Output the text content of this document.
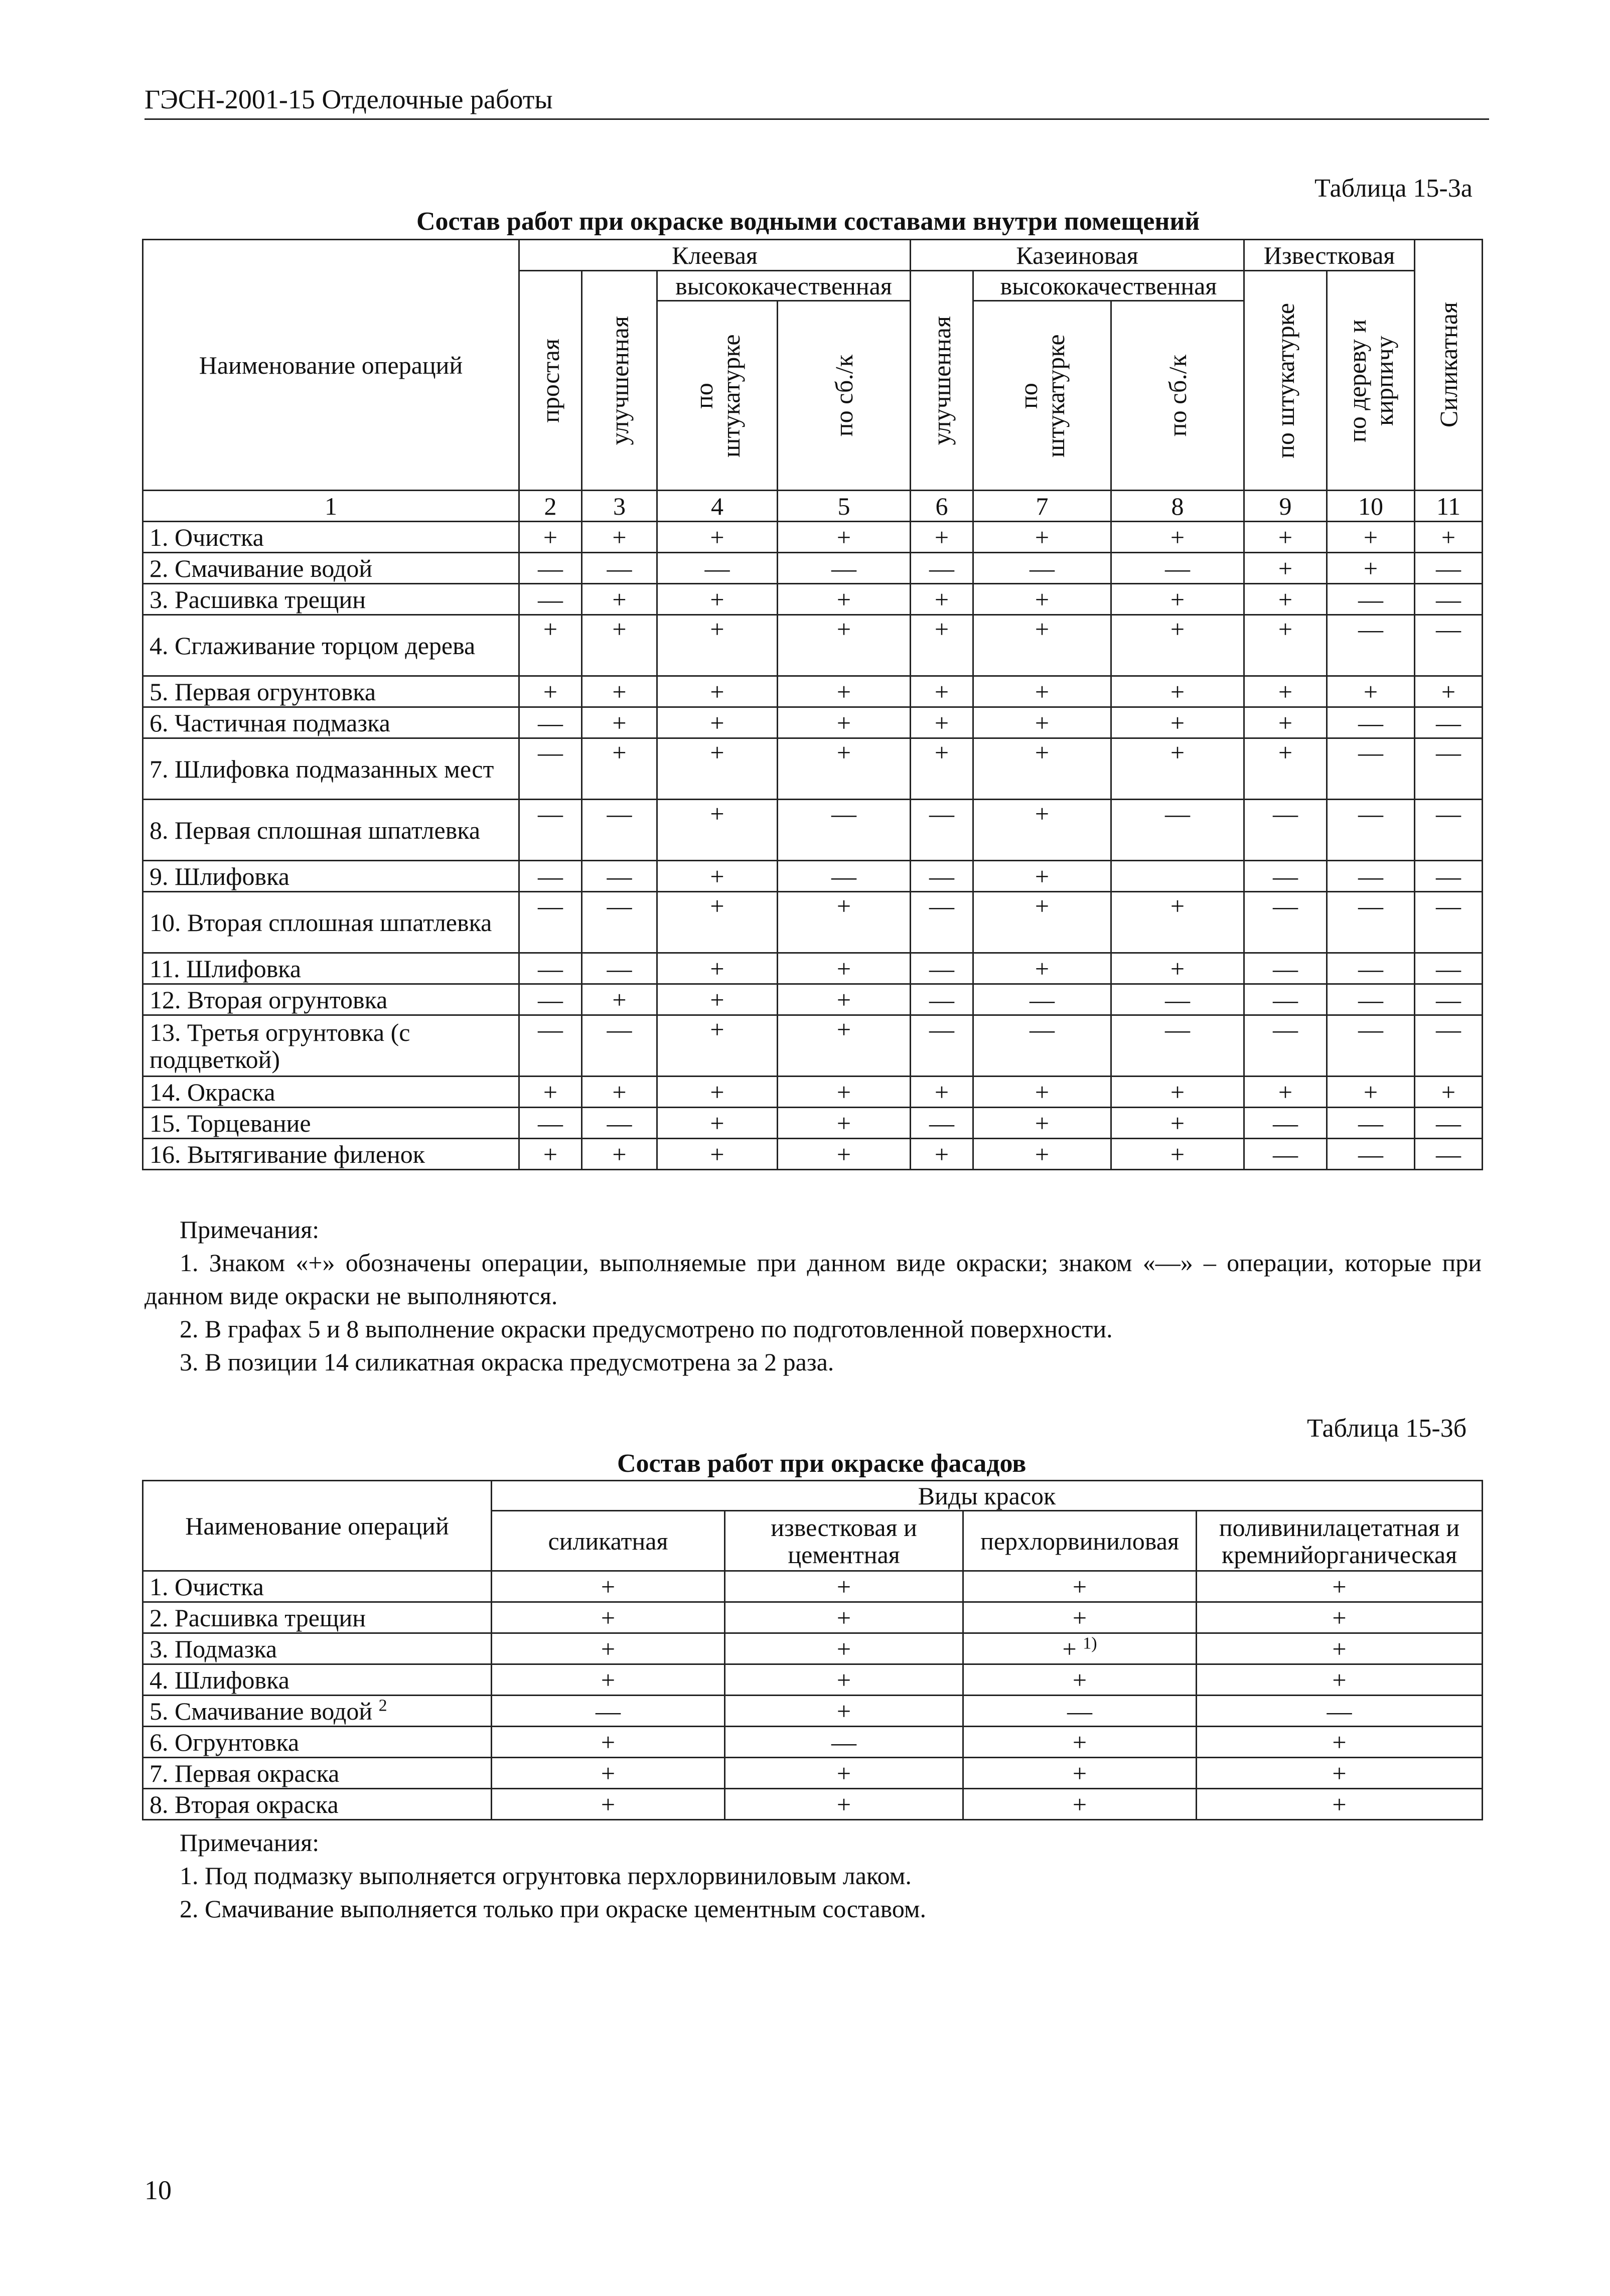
ГЭСН-2001-15 Отделочные работы
Таблица 15-3а
Состав работ при окраске водными составами внутри помещений
Наименование операций	Клеевая				Казеиновая			Известковая		Силикатная

	простая	улучшенная	высококачественная		улучшенная	высококачественная		по штукатурке	по дереву и кирпичу	

			по штукатурке	по сб./к		по штукатурке	по сб./к			

1	2	3	4	5	6	7	8	9	10	11
1. Очистка	+	+	+	+	+	+	+	+	+	+
2. Смачивание водой	—	—	—	—	—	—	—	+	+	—
3. Расшивка трещин	—	+	+	+	+	+	+	+	—	—
4. Сглаживание торцом дерева	+	+	+	+	+	+	+	+	—	—
5. Первая огрунтовка	+	+	+	+	+	+	+	+	+	+
6. Частичная подмазка	—	+	+	+	+	+	+	+	—	—
7. Шлифовка подмазанных мест	—	+	+	+	+	+	+	+	—	—
8. Первая сплошная шпатлевка	—	—	+	—	—	+	—	—	—	—
9. Шлифовка	—	—	+	—	—	+		—	—	—
10. Вторая сплошная шпатлевка	—	—	+	+	—	+	+	—	—	—
11. Шлифовка	—	—	+	+	—	+	+	—	—	—
12. Вторая огрунтовка	—	+	+	+	—	—	—	—	—	—
13. Третья огрунтовка (с подцветкой)	—	—	+	+	—	—	—	—	—	—
14. Окраска	+	+	+	+	+	+	+	+	+	+
15. Торцевание	—	—	+	+	—	+	+	—	—	—
16. Вытягивание филенок	+	+	+	+	+	+	+	—	—	—

Примечания:

1. Знаком «+» обозначены операции, выполняемые при данном виде окраски; знаком «—» – операции, которые при данном виде окраски не выполняются.

2. В графах 5 и 8 выполнение окраски предусмотрено по подготовленной поверхности.

3. В позиции 14 силикатная окраска предусмотрена за 2 раза.

Таблица 15-3б
Состав работ при окраске фасадов
Наименование операций	Виды красок			
	силикатная	известковая и цементная	перхлорвиниловая	поливинилацетатная и кремнийорганическая
1. Очистка	+	+	+	+
2. Расшивка трещин	+	+	+	+
3. Подмазка	+	+	+ $^{1)}$	+
4. Шлифовка	+	+	+	+
5. Смачивание водой $^2$	—	+	—	—
6. Огрунтовка	+	—	+	+
7. Первая окраска	+	+	+	+
8. Вторая окраска	+	+	+	+

Примечания:

1. Под подмазку выполняется огрунтовка перхлорвиниловым лаком.

2. Смачивание выполняется только при окраске цементным составом.

10
